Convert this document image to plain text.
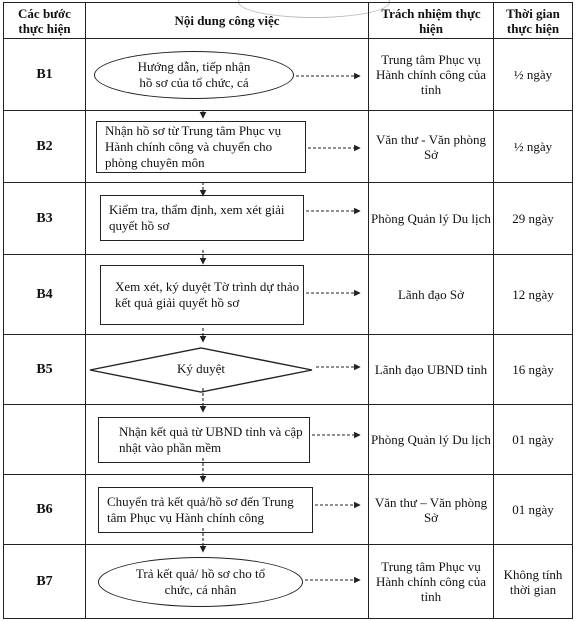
Các bước thực hiện	Nội dung công việc	Trách nhiệm thực hiện	Thời gian thực hiện
B1	Hướng dẫn, tiếp nhận hồ sơ của tổ chức, cá	Trung tâm Phục vụ Hành chính công của tỉnh	½ ngày
B2	Nhận hồ sơ từ Trung tâm Phục vụ Hành chính công và chuyển cho phòng chuyên môn	Văn thư - Văn phòng Sở	½ ngày
B3	Kiểm tra, thẩm định, xem xét giải quyết hồ sơ	Phòng Quản lý Du lịch	29 ngày
B4	Xem xét, ký duyệt Tờ trình dự thảo kết quả giải quyết hồ sơ	Lãnh đạo Sở	12 ngày
B5	Ký duyệt	Lãnh đạo UBND tỉnh	16 ngày

	Nhận kết quả từ UBND tỉnh và cập nhật vào phần mềm	Phòng Quản lý Du lịch	01 ngày
B6	Chuyển trả kết quả/hồ sơ đến Trung tâm Phục vụ Hành chính công	Văn thư – Văn phòng Sở	01 ngày
B7	Trả kết quả/ hồ sơ cho tổ chức, cá nhân	Trung tâm Phục vụ Hành chính công của tỉnh	Không tính thời gian
